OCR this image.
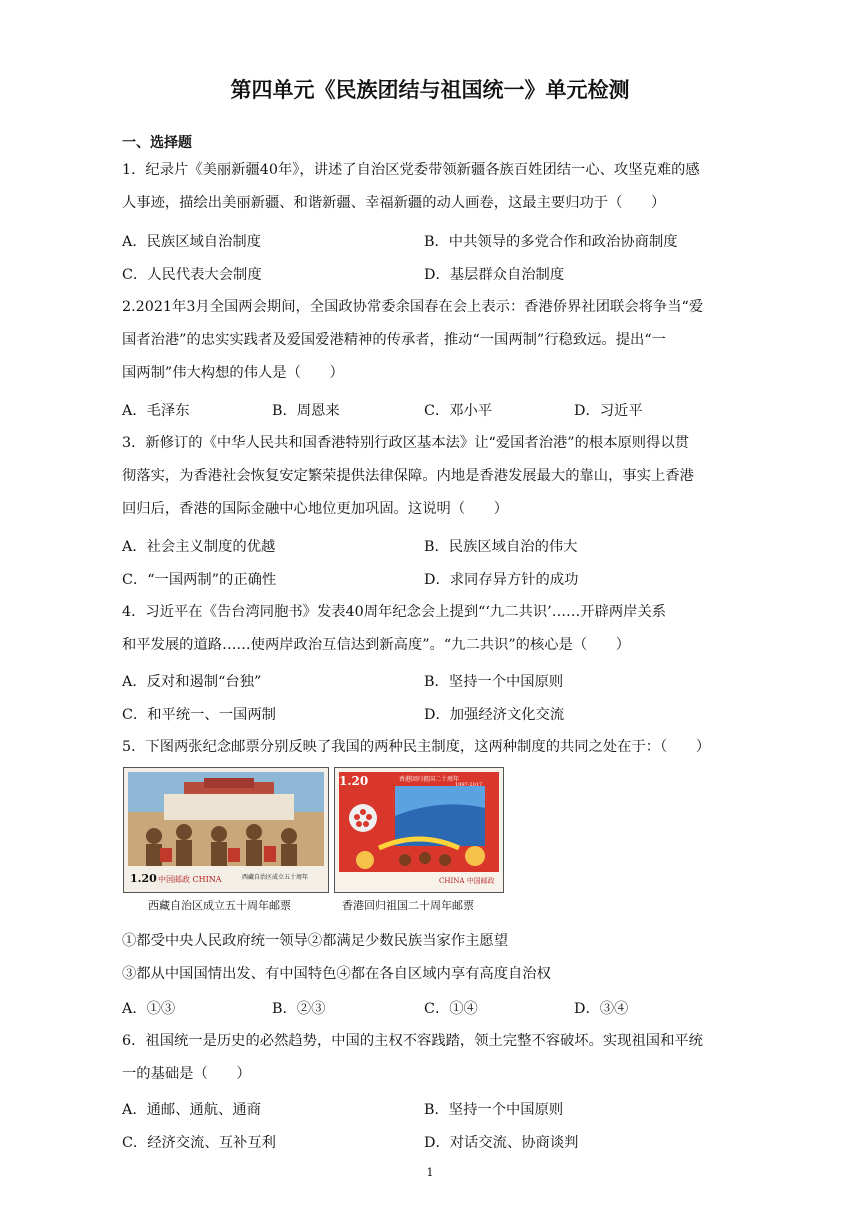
第四单元《民族团结与祖国统一》单元检测
一、选择题
1．纪录片《美丽新疆40年》，讲述了自治区党委带领新疆各族百姓团结一心、攻坚克难的感
人事迹，描绘出美丽新疆、和谐新疆、幸福新疆的动人画卷，这最主要归功于（　　）
A．民族区域自治制度	B．中共领导的多党合作和政治协商制度
C．人民代表大会制度	D．基层群众自治制度
2.2021年3月全国两会期间，全国政协常委余国春在会上表示：香港侨界社团联会将争当“爱
国者治港”的忠实实践者及爱国爱港精神的传承者，推动“一国两制”行稳致远。提出“一
国两制”伟大构想的伟人是（　　）
A．毛泽东	B．周恩来	C．邓小平	D．习近平
3．新修订的《中华人民共和国香港特别行政区基本法》让“爱国者治港”的根本原则得以贯
彻落实，为香港社会恢复安定繁荣提供法律保障。内地是香港发展最大的靠山，事实上香港
回归后，香港的国际金融中心地位更加巩固。这说明（　　）
A．社会主义制度的优越	B．民族区域自治的伟大
C．“一国两制”的正确性	D．求同存异方针的成功
4．习近平在《告台湾同胞书》发表40周年纪念会上提到“‘九二共识’……开辟两岸关系
和平发展的道路……使两岸政治互信达到新高度”。“九二共识”的核心是（　　）
A．反对和遏制“台独”	B．坚持一个中国原则
C．和平统一、一国两制	D．加强经济文化交流
5．下图两张纪念邮票分别反映了我国的两种民主制度，这两种制度的共同之处在于：（　　）
1.20 中国邮政 CHINA	西藏自治区成立五十周年
西藏自治区成立五十周年邮票
1.20	香港回归祖国二十周年
1997-2017
CHINA 中国邮政
香港回归祖国二十周年邮票
①都受中央人民政府统一领导②都满足少数民族当家作主愿望
③都从中国国情出发、有中国特色④都在各自区域内享有高度自治权
A．①③	B．②③	C．①④	D．③④
6．祖国统一是历史的必然趋势，中国的主权不容践踏，领土完整不容破坏。实现祖国和平统
一的基础是（　　）
A．通邮、通航、通商	B．坚持一个中国原则
C．经济交流、互补互利	D．对话交流、协商谈判
1
